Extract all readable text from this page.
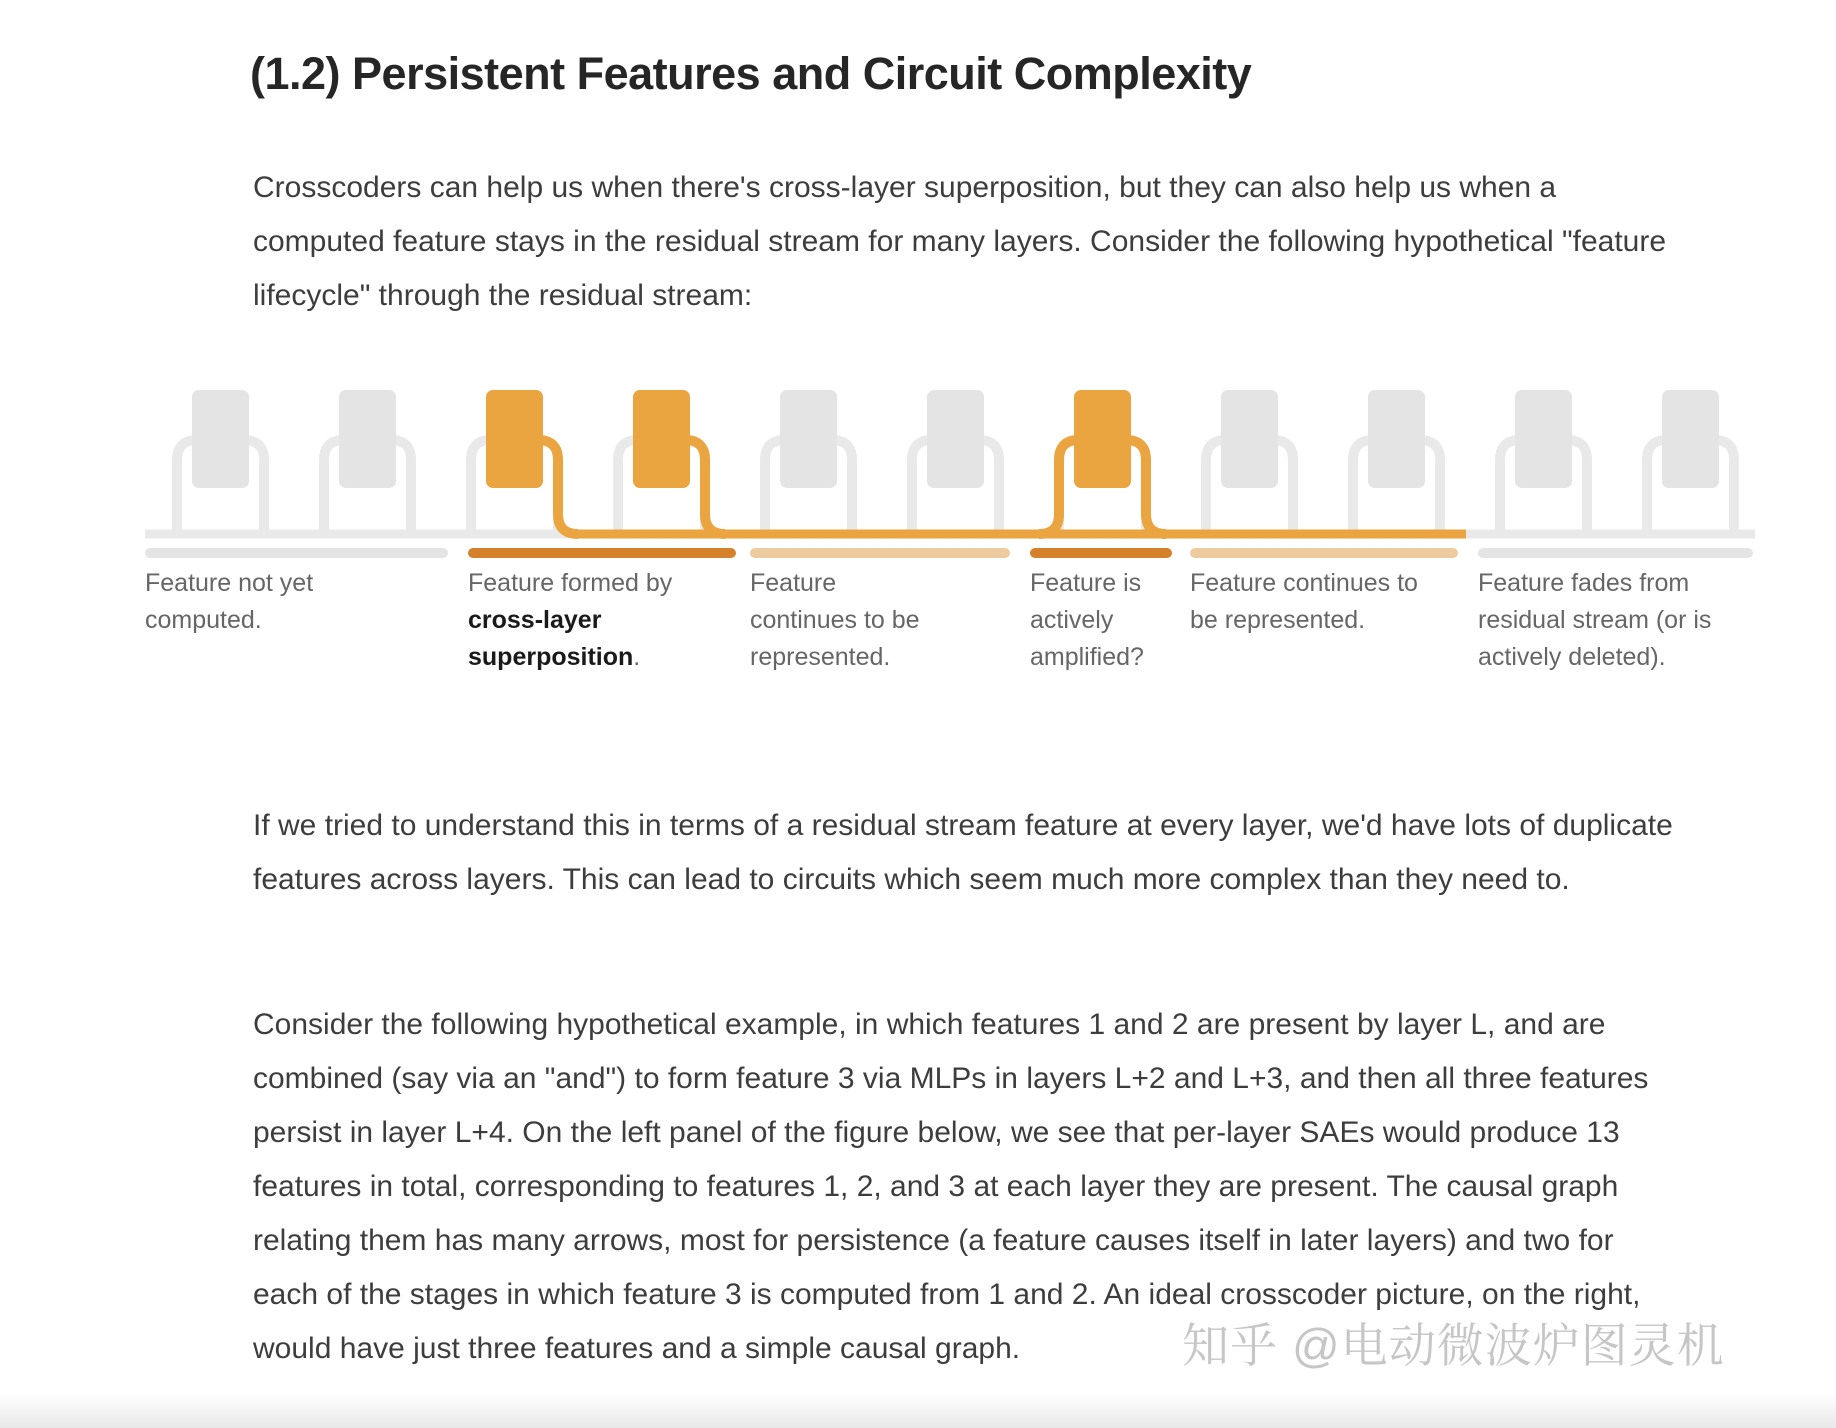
(1.2) Persistent Features and Circuit Complexity

Crosscoders can help us when there's cross-layer superposition, but they can also help us when a computed feature stays in the residual stream for many layers. Consider the following hypothetical "feature lifecycle" through the residual stream:

Feature not yet computed.
Feature formed by cross-layer superposition.
Feature continues to be represented.
Feature is actively amplified?
Feature continues to be represented.
Feature fades from residual stream (or is actively deleted).

If we tried to understand this in terms of a residual stream feature at every layer, we'd have lots of duplicate features across layers. This can lead to circuits which seem much more complex than they need to.

Consider the following hypothetical example, in which features 1 and 2 are present by layer L, and are combined (say via an "and") to form feature 3 via MLPs in layers L+2 and L+3, and then all three features persist in layer L+4. On the left panel of the figure below, we see that per-layer SAEs would produce 13 features in total, corresponding to features 1, 2, and 3 at each layer they are present. The causal graph relating them has many arrows, most for persistence (a feature causes itself in later layers) and two for each of the stages in which feature 3 is computed from 1 and 2. An ideal crosscoder picture, on the right, would have just three features and a simple causal graph.	知乎 @电动微波炉图灵机
